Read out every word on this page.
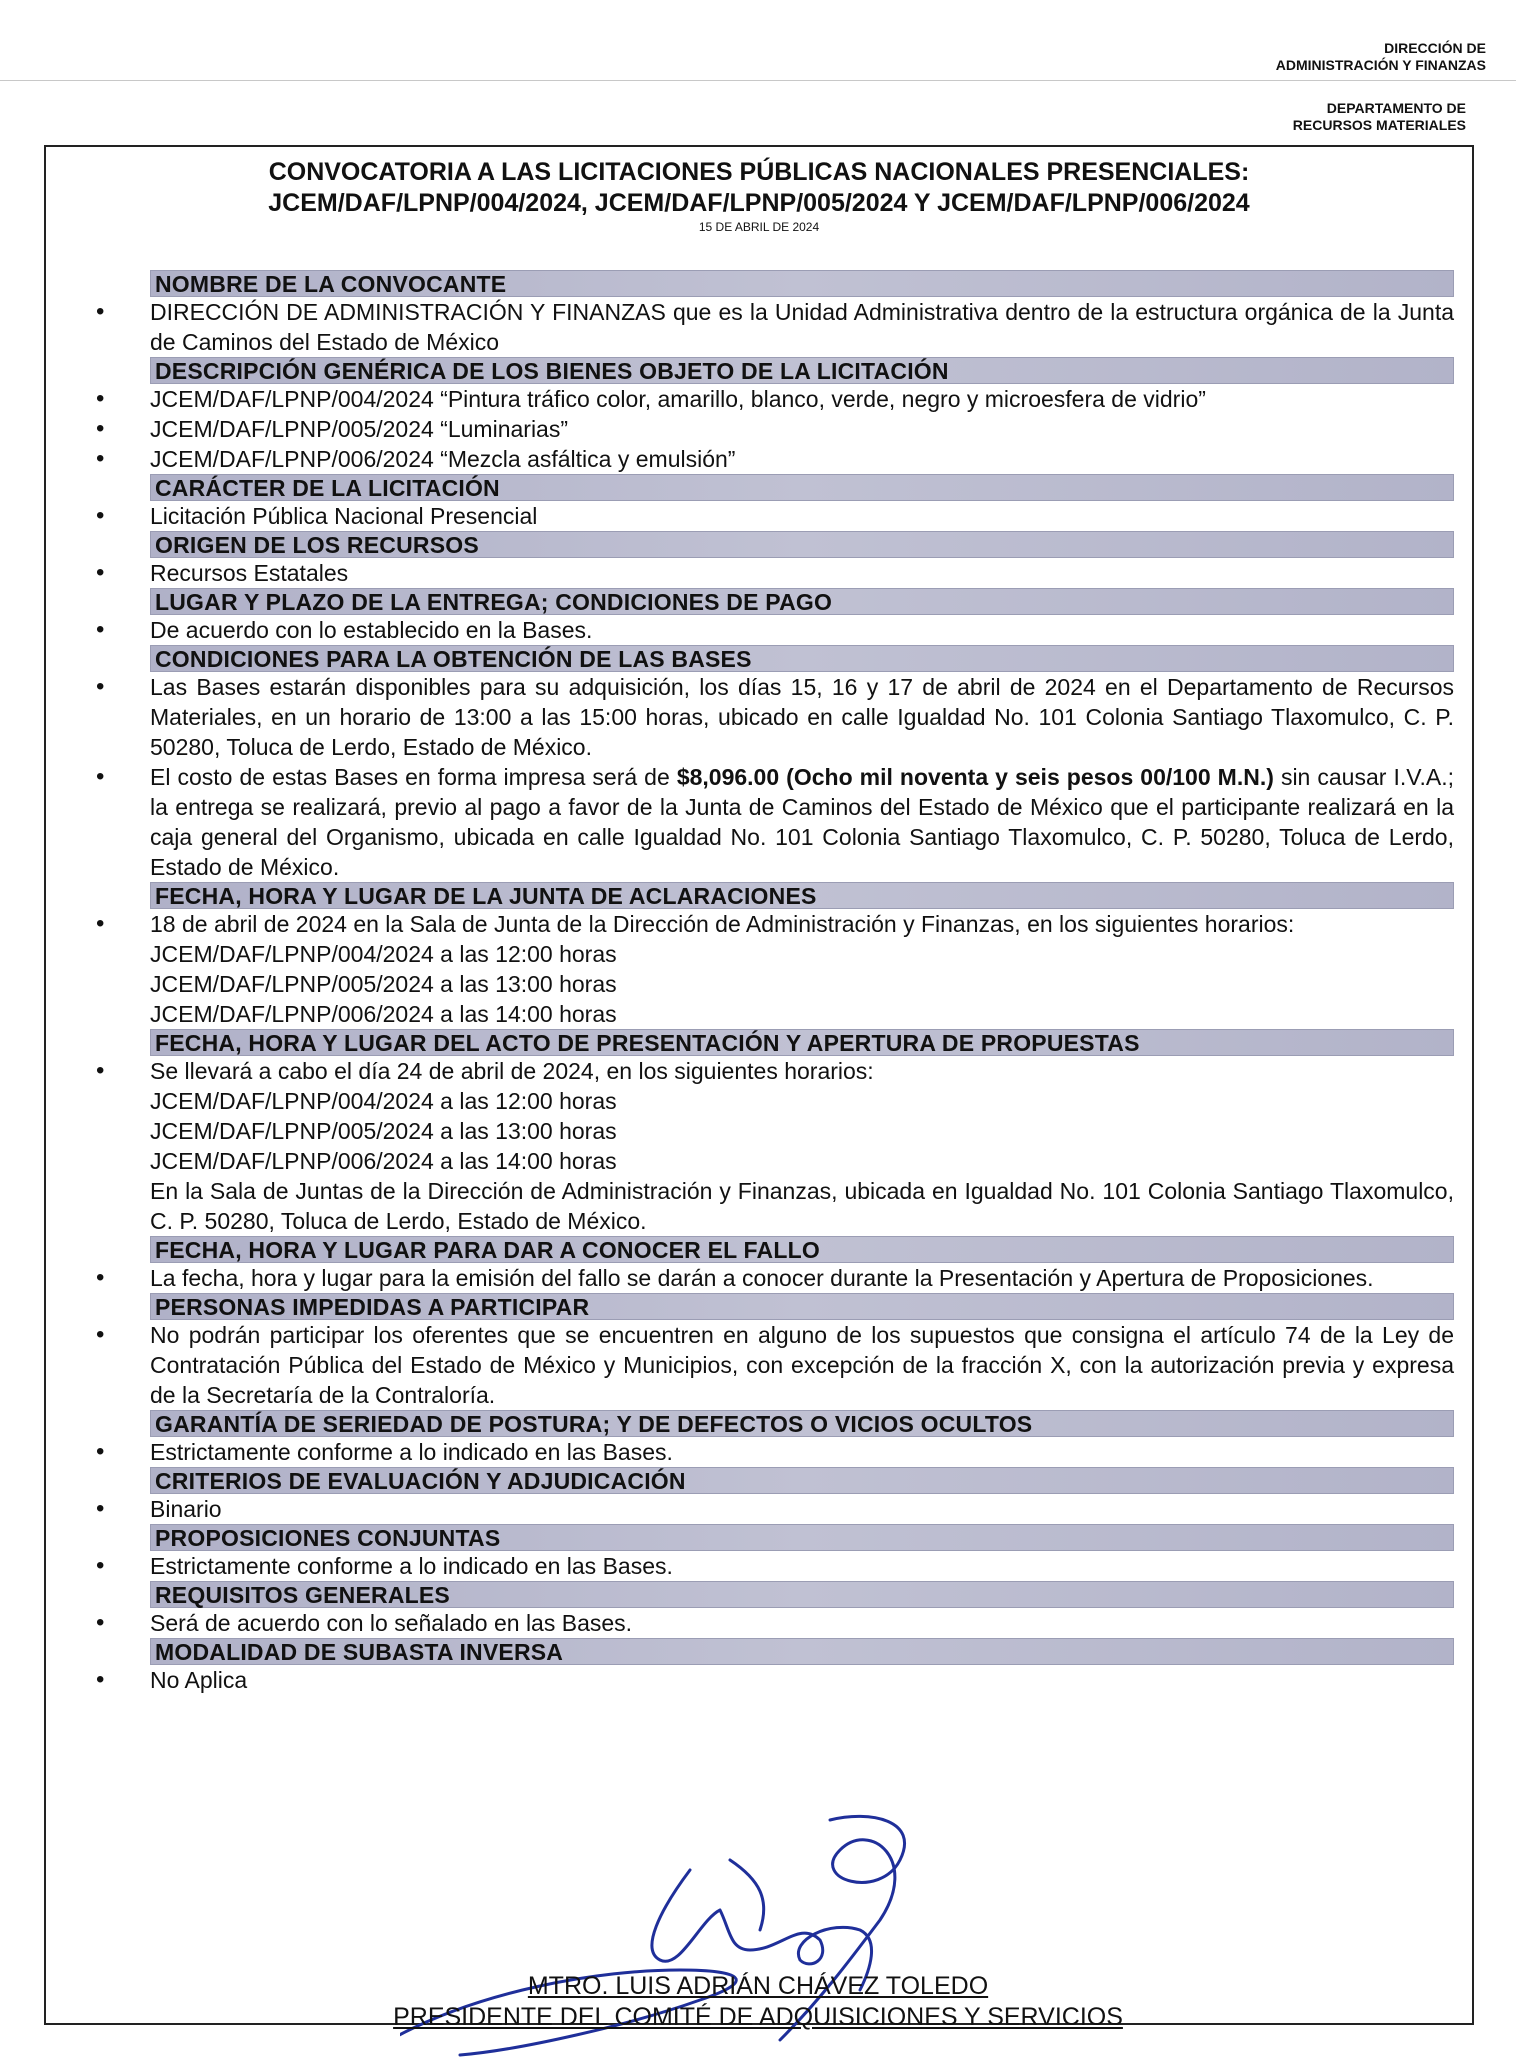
DIRECCIÓN DE
ADMINISTRACIÓN Y FINANZAS
DEPARTAMENTO DE
RECURSOS MATERIALES
CONVOCATORIA A LAS LICITACIONES PÚBLICAS NACIONALES PRESENCIALES:
JCEM/DAF/LPNP/004/2024, JCEM/DAF/LPNP/005/2024 Y JCEM/DAF/LPNP/006/2024
15 DE ABRIL DE 2024
NOMBRE DE LA CONVOCANTE
• DIRECCIÓN DE ADMINISTRACIÓN Y FINANZAS que es la Unidad Administrativa dentro de la estructura orgánica de la Junta de Caminos del Estado de México
DESCRIPCIÓN GENÉRICA DE LOS BIENES OBJETO DE LA LICITACIÓN
• JCEM/DAF/LPNP/004/2024 “Pintura tráfico color, amarillo, blanco, verde, negro y microesfera de vidrio”
• JCEM/DAF/LPNP/005/2024 “Luminarias”
• JCEM/DAF/LPNP/006/2024 “Mezcla asfáltica y emulsión”
CARÁCTER DE LA LICITACIÓN
• Licitación Pública Nacional Presencial
ORIGEN DE LOS RECURSOS
• Recursos Estatales
LUGAR Y PLAZO DE LA ENTREGA; CONDICIONES DE PAGO
• De acuerdo con lo establecido en la Bases.
CONDICIONES PARA LA OBTENCIÓN DE LAS BASES
• Las Bases estarán disponibles para su adquisición, los días 15, 16 y 17 de abril de 2024 en el Departamento de Recursos Materiales, en un horario de 13:00 a las 15:00 horas, ubicado en calle Igualdad No. 101 Colonia Santiago Tlaxomulco, C. P. 50280, Toluca de Lerdo, Estado de México.
• El costo de estas Bases en forma impresa será de $8,096.00 (Ocho mil noventa y seis pesos 00/100 M.N.) sin causar I.V.A.; la entrega se realizará, previo al pago a favor de la Junta de Caminos del Estado de México que el participante realizará en la caja general del Organismo, ubicada en calle Igualdad No. 101 Colonia Santiago Tlaxomulco, C. P. 50280, Toluca de Lerdo, Estado de México.
FECHA, HORA Y LUGAR DE LA JUNTA DE ACLARACIONES
• 18 de abril de 2024 en la Sala de Junta de la Dirección de Administración y Finanzas, en los siguientes horarios:
JCEM/DAF/LPNP/004/2024 a las 12:00 horas
JCEM/DAF/LPNP/005/2024 a las 13:00 horas
JCEM/DAF/LPNP/006/2024 a las 14:00 horas
FECHA, HORA Y LUGAR DEL ACTO DE PRESENTACIÓN Y APERTURA DE PROPUESTAS
• Se llevará a cabo el día 24 de abril de 2024, en los siguientes horarios:
JCEM/DAF/LPNP/004/2024 a las 12:00 horas
JCEM/DAF/LPNP/005/2024 a las 13:00 horas
JCEM/DAF/LPNP/006/2024 a las 14:00 horas
En la Sala de Juntas de la Dirección de Administración y Finanzas, ubicada en Igualdad No. 101 Colonia Santiago Tlaxomulco, C. P. 50280, Toluca de Lerdo, Estado de México.
FECHA, HORA Y LUGAR PARA DAR A CONOCER EL FALLO
• La fecha, hora y lugar para la emisión del fallo se darán a conocer durante la Presentación y Apertura de Proposiciones.
PERSONAS IMPEDIDAS A PARTICIPAR
• No podrán participar los oferentes que se encuentren en alguno de los supuestos que consigna el artículo 74 de la Ley de Contratación Pública del Estado de México y Municipios, con excepción de la fracción X, con la autorización previa y expresa de la Secretaría de la Contraloría.
GARANTÍA DE SERIEDAD DE POSTURA; Y DE DEFECTOS O VICIOS OCULTOS
• Estrictamente conforme a lo indicado en las Bases.
CRITERIOS DE EVALUACIÓN Y ADJUDICACIÓN
• Binario
PROPOSICIONES CONJUNTAS
• Estrictamente conforme a lo indicado en las Bases.
REQUISITOS GENERALES
• Será de acuerdo con lo señalado en las Bases.
MODALIDAD DE SUBASTA INVERSA
• No Aplica
MTRO. LUIS ADRIÁN CHÁVEZ TOLEDO
PRESIDENTE DEL COMITÉ DE ADQUISICIONES Y SERVICIOS
